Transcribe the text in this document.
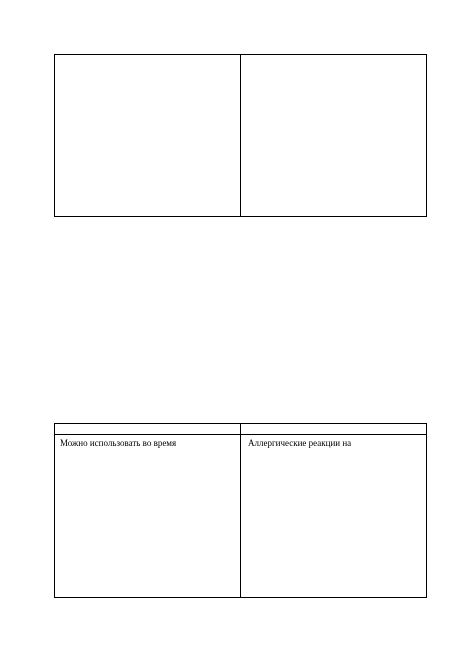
Можно использовать во время	Аллергические реакции на
